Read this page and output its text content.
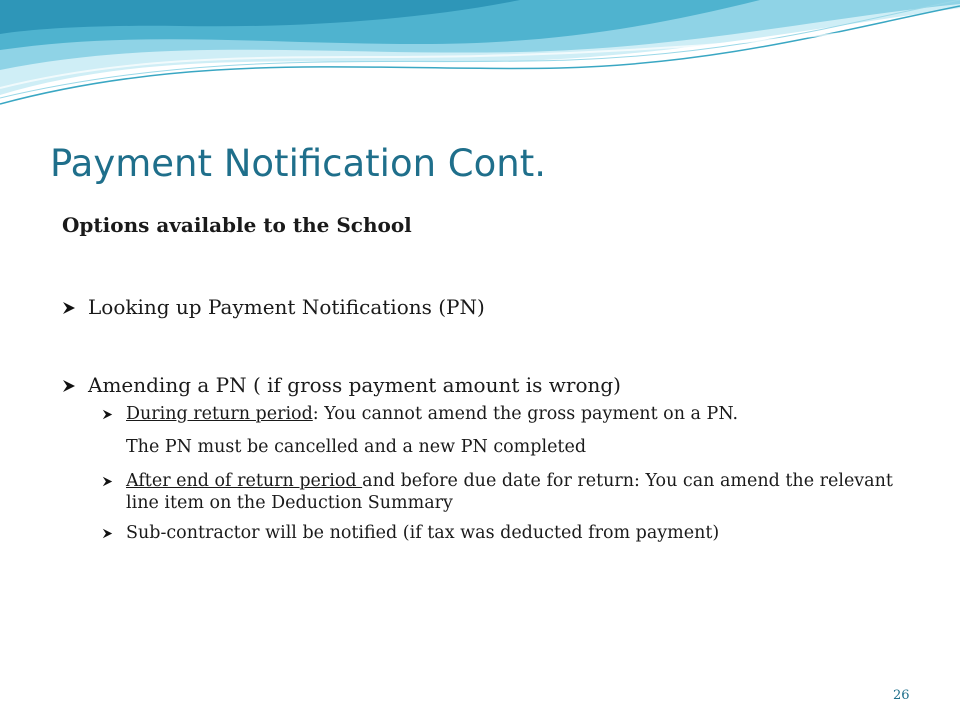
Payment Notification Cont.
Options available to the School
Looking up Payment Notifications (PN)
Amending a PN ( if gross payment amount is wrong)
During return period: You cannot amend the gross payment on a PN.
The PN must be cancelled and a new PN completed
After end of return period and before due date for return: You can amend the relevant line item on the Deduction Summary
Sub-contractor will be notified (if tax was deducted from payment)
26
